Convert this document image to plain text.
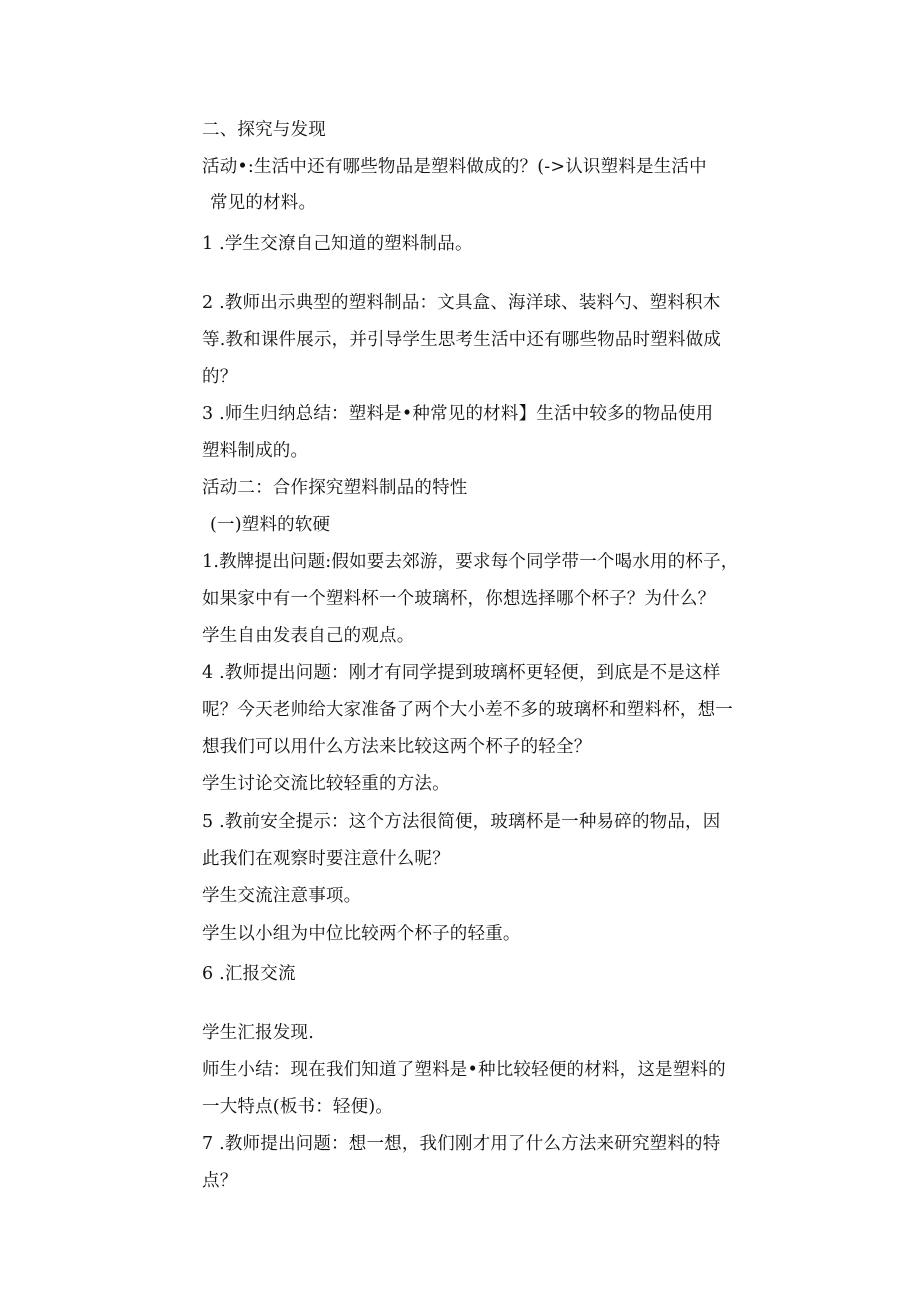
二、探究与发现
活动•:生活中还有哪些物品是塑料做成的？(->认识塑料是生活中
常见的材料。
1 .学生交潦自己知道的塑料制品。
2 .教师出示典型的塑料制品：文具盒、海洋球、装料勺、塑料积木
等.教和课件展示，并引导学生思考生活中还有哪些物品时塑料做成
的？
3 .师生归纳总结：塑料是•种常见的材料】生活中较多的物品使用
塑料制成的。
活动二：合作探究塑料制品的特性
(一)塑料的软硬
1.教牌提出问题:假如要去郊游，要求每个同学带一个喝水用的杯子，
如果家中有一个塑料杯一个玻璃杯，你想选择哪个杯子？为什么？
学生自由发表自己的观点。
4 .教师提出问题：刚才有同学提到玻璃杯更轻便，到底是不是这样
呢？今天老帅给大家准备了两个大小差不多的玻璃杯和塑料杯，想一
想我们可以用什么方法来比较这两个杯子的轻全？
学生讨论交流比较轻重的方法。
5 .教前安全提示：这个方法很简便，玻璃杯是一种易碎的物品，因
此我们在观察时要注意什么呢？
学生交流注意事项。
学生以小组为中位比较两个杯子的轻重。
6 .汇报交流
学生汇报发现.
师生小结：现在我们知道了塑料是•种比较轻便的材料，这是塑料的
一大特点(板书：轻便)。
7 .教师提出问题：想一想，我们刚才用了什么方法来研究塑料的特
点？
